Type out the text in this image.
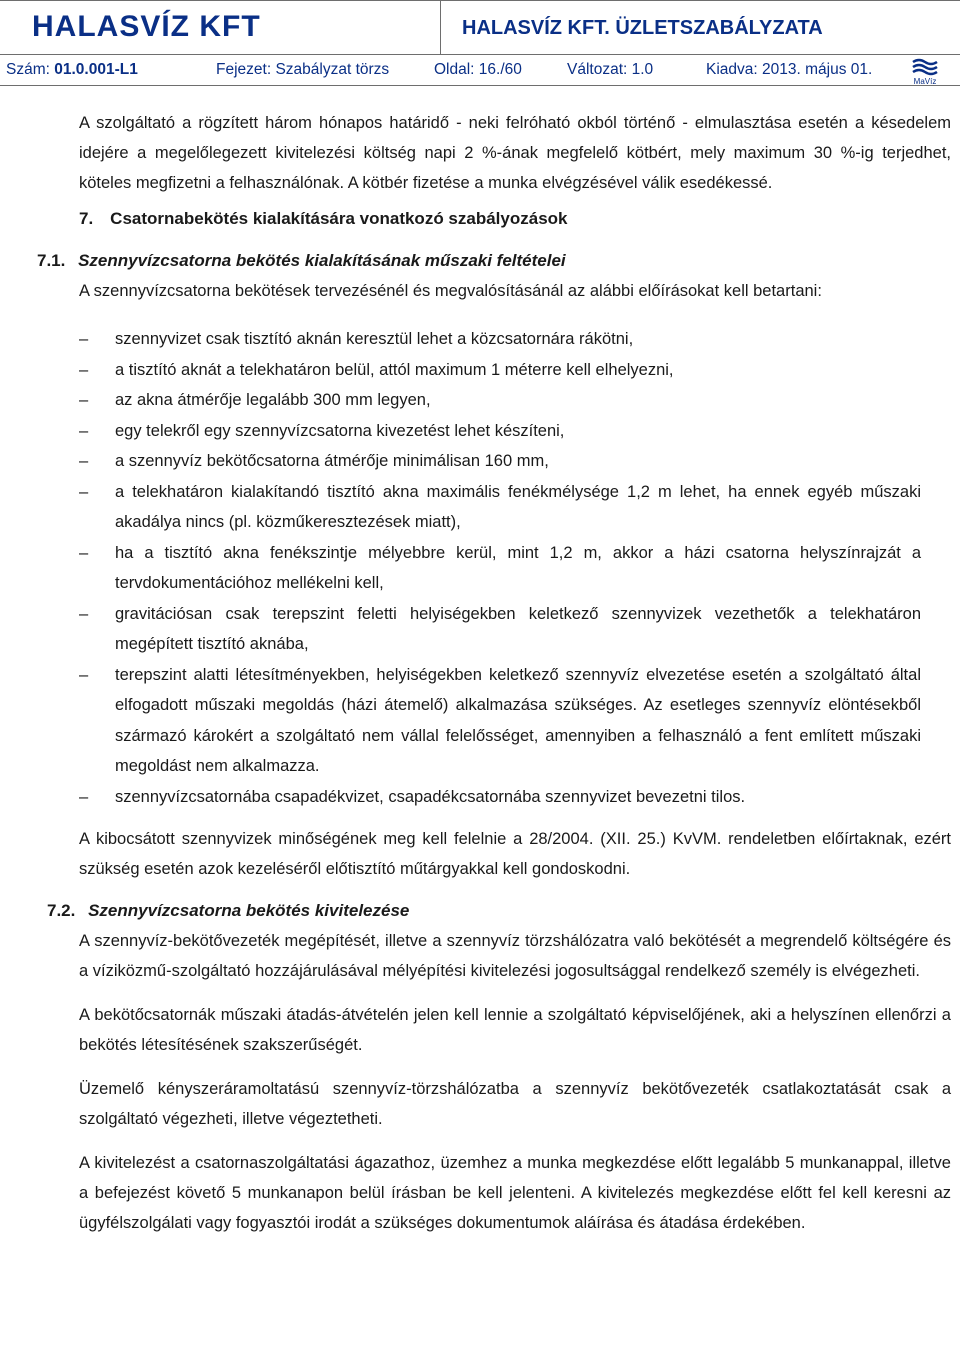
HALASVÍZ KFT	HALASVÍZ KFT. ÜZLETSZABÁLYZATA
Szám: 01.0.001-L1	Fejezet: Szabályzat törzs	Oldal: 16./60	Változat: 1.0	Kiadva: 2013. május 01.
MaVíz

A szolgáltató a rögzített három hónapos határidő - neki felróható okból történő - elmulasztása esetén a késedelem idejére a megelőlegezett kivitelezési költség napi 2 %-ának megfelelő kötbért, mely maximum 30 %-ig terjedhet, köteles megfizetni a felhasználónak. A kötbér fizetése a munka elvégzésével válik esedékessé.

7. Csatornabekötés kialakítására vonatkozó szabályozások
7.1. Szennyvízcsatorna bekötés kialakításának műszaki feltételei

A szennyvízcsatorna bekötések tervezésénél és megvalósításánál az alábbi előírásokat kell betartani:

– szennyvizet csak tisztító aknán keresztül lehet a közcsatornára rákötni,
– a tisztító aknát a telekhatáron belül, attól maximum 1 méterre kell elhelyezni,
– az akna átmérője legalább 300 mm legyen,
– egy telekről egy szennyvízcsatorna kivezetést lehet készíteni,
– a szennyvíz bekötőcsatorna átmérője minimálisan 160 mm,
– a telekhatáron kialakítandó tisztító akna maximális fenékmélysége 1,2 m lehet, ha ennek egyéb műszaki akadálya nincs (pl. közműkeresztezések miatt),
– ha a tisztító akna fenékszintje mélyebbre kerül, mint 1,2 m, akkor a házi csatorna helyszínrajzát a tervdokumentációhoz mellékelni kell,
– gravitációsan csak terepszint feletti helyiségekben keletkező szennyvizek vezethetők a telekhatáron megépített tisztító aknába,
– terepszint alatti létesítményekben, helyiségekben keletkező szennyvíz elvezetése esetén a szolgáltató által elfogadott műszaki megoldás (házi átemelő) alkalmazása szükséges. Az esetleges szennyvíz elöntésekből származó károkért a szolgáltató nem vállal felelősséget, amennyiben a felhasználó a fent említett műszaki megoldást nem alkalmazza.
– szennyvízcsatornába csapadékvizet, csapadékcsatornába szennyvizet bevezetni tilos.

A kibocsátott szennyvizek minőségének meg kell felelnie a 28/2004. (XII. 25.) KvVM. rendeletben előírtaknak, ezért szükség esetén azok kezeléséről előtisztító műtárgyakkal kell gondoskodni.

7.2. Szennyvízcsatorna bekötés kivitelezése

A szennyvíz-bekötővezeték megépítését, illetve a szennyvíz törzshálózatra való bekötését a megrendelő költségére és a víziközmű-szolgáltató hozzájárulásával mélyépítési kivitelezési jogosultsággal rendelkező személy is elvégezheti.

A bekötőcsatornák műszaki átadás-átvételén jelen kell lennie a szolgáltató képviselőjének, aki a helyszínen ellenőrzi a bekötés létesítésének szakszerűségét.

Üzemelő kényszeráramoltatású szennyvíz-törzshálózatba a szennyvíz bekötővezeték csatlakoztatását csak a szolgáltató végezheti, illetve végeztetheti.

A kivitelezést a csatornaszolgáltatási ágazathoz, üzemhez a munka megkezdése előtt legalább 5 munkanappal, illetve a befejezést követő 5 munkanapon belül írásban be kell jelenteni. A kivitelezés megkezdése előtt fel kell keresni az ügyfélszolgálati vagy fogyasztói irodát a szükséges dokumentumok aláírása és átadása érdekében.
